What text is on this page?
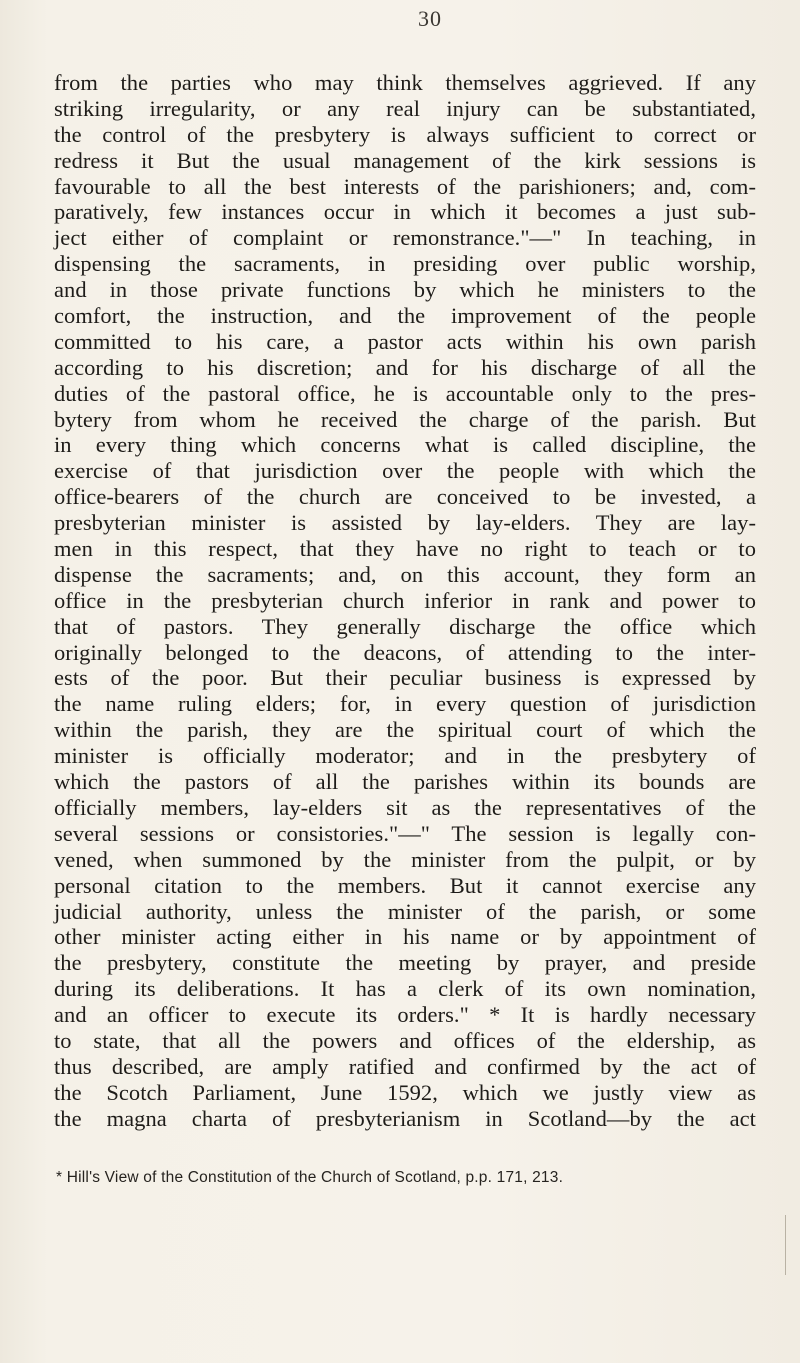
30
from the parties who may think themselves aggrieved. If any
striking irregularity, or any real injury can be substantiated,
the control of the presbytery is always sufficient to correct or
redress it But the usual management of the kirk sessions is
favourable to all the best interests of the parishioners; and, com-
paratively, few instances occur in which it becomes a just sub-
ject either of complaint or remonstrance."—" In teaching, in
dispensing the sacraments, in presiding over public worship,
and in those private functions by which he ministers to the
comfort, the instruction, and the improvement of the people
committed to his care, a pastor acts within his own parish
according to his discretion; and for his discharge of all the
duties of the pastoral office, he is accountable only to the pres-
bytery from whom he received the charge of the parish. But
in every thing which concerns what is called discipline, the
exercise of that jurisdiction over the people with which the
office-bearers of the church are conceived to be invested, a
presbyterian minister is assisted by lay-elders. They are lay-
men in this respect, that they have no right to teach or to
dispense the sacraments; and, on this account, they form an
office in the presbyterian church inferior in rank and power to
that of pastors. They generally discharge the office which
originally belonged to the deacons, of attending to the inter-
ests of the poor. But their peculiar business is expressed by
the name ruling elders; for, in every question of jurisdiction
within the parish, they are the spiritual court of which the
minister is officially moderator; and in the presbytery of
which the pastors of all the parishes within its bounds are
officially members, lay-elders sit as the representatives of the
several sessions or consistories."—" The session is legally con-
vened, when summoned by the minister from the pulpit, or by
personal citation to the members. But it cannot exercise any
judicial authority, unless the minister of the parish, or some
other minister acting either in his name or by appointment of
the presbytery, constitute the meeting by prayer, and preside
during its deliberations. It has a clerk of its own nomination,
and an officer to execute its orders." * It is hardly necessary
to state, that all the powers and offices of the eldership, as
thus described, are amply ratified and confirmed by the act of
the Scotch Parliament, June 1592, which we justly view as
the magna charta of presbyterianism in Scotland—by the act
* Hill's View of the Constitution of the Church of Scotland, p.p. 171, 213.
